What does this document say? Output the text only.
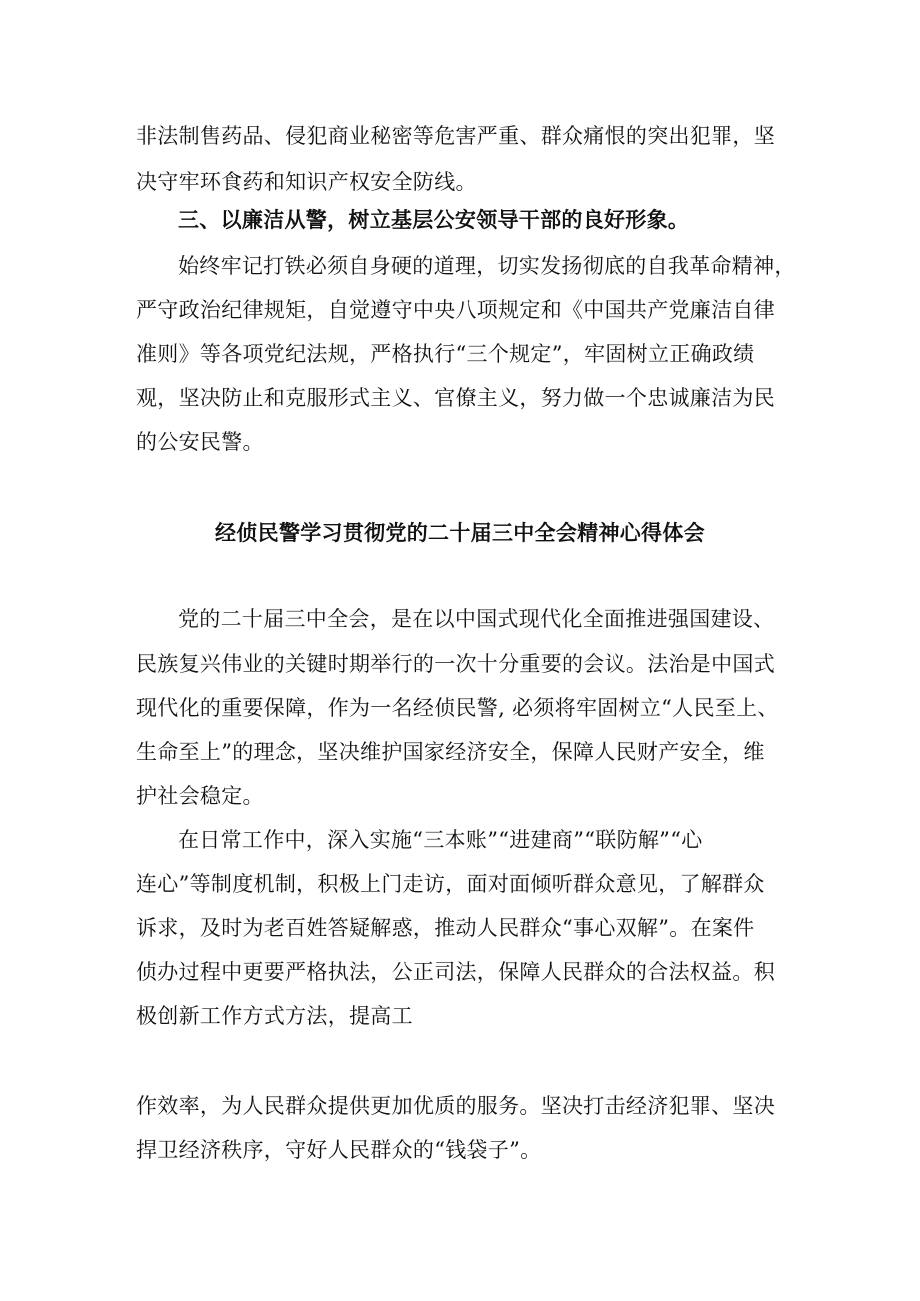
非法制售药品、侵犯商业秘密等危害严重、群众痛恨的突出犯罪，坚
决守牢环食药和知识产权安全防线。
三、以廉洁从警，树立基层公安领导干部的良好形象。
始终牢记打铁必须自身硬的道理，切实发扬彻底的自我革命精神，
严守政治纪律规矩，自觉遵守中央八项规定和《中国共产党廉洁自律
准则》等各项党纪法规，严格执行“三个规定”，牢固树立正确政绩
观，坚决防止和克服形式主义、官僚主义，努力做一个忠诚廉洁为民
的公安民警。
经侦民警学习贯彻党的二十届三中全会精神心得体会
党的二十届三中全会，是在以中国式现代化全面推进强国建设、
民族复兴伟业的关键时期举行的一次十分重要的会议。法治是中国式
现代化的重要保障，作为一名经侦民警, 必须将牢固树立“人民至上、
生命至上”的理念，坚决维护国家经济安全，保障人民财产安全，维
护社会稳定。
在日常工作中，深入实施“三本账”“进建商”“联防解”“心
连心”等制度机制，积极上门走访，面对面倾听群众意见，了解群众
诉求，及时为老百姓答疑解惑，推动人民群众“事心双解”。在案件
侦办过程中更要严格执法，公正司法，保障人民群众的合法权益。积
极创新工作方式方法，提高工
作效率，为人民群众提供更加优质的服务。坚决打击经济犯罪、坚决
捍卫经济秩序，守好人民群众的“钱袋子”。
